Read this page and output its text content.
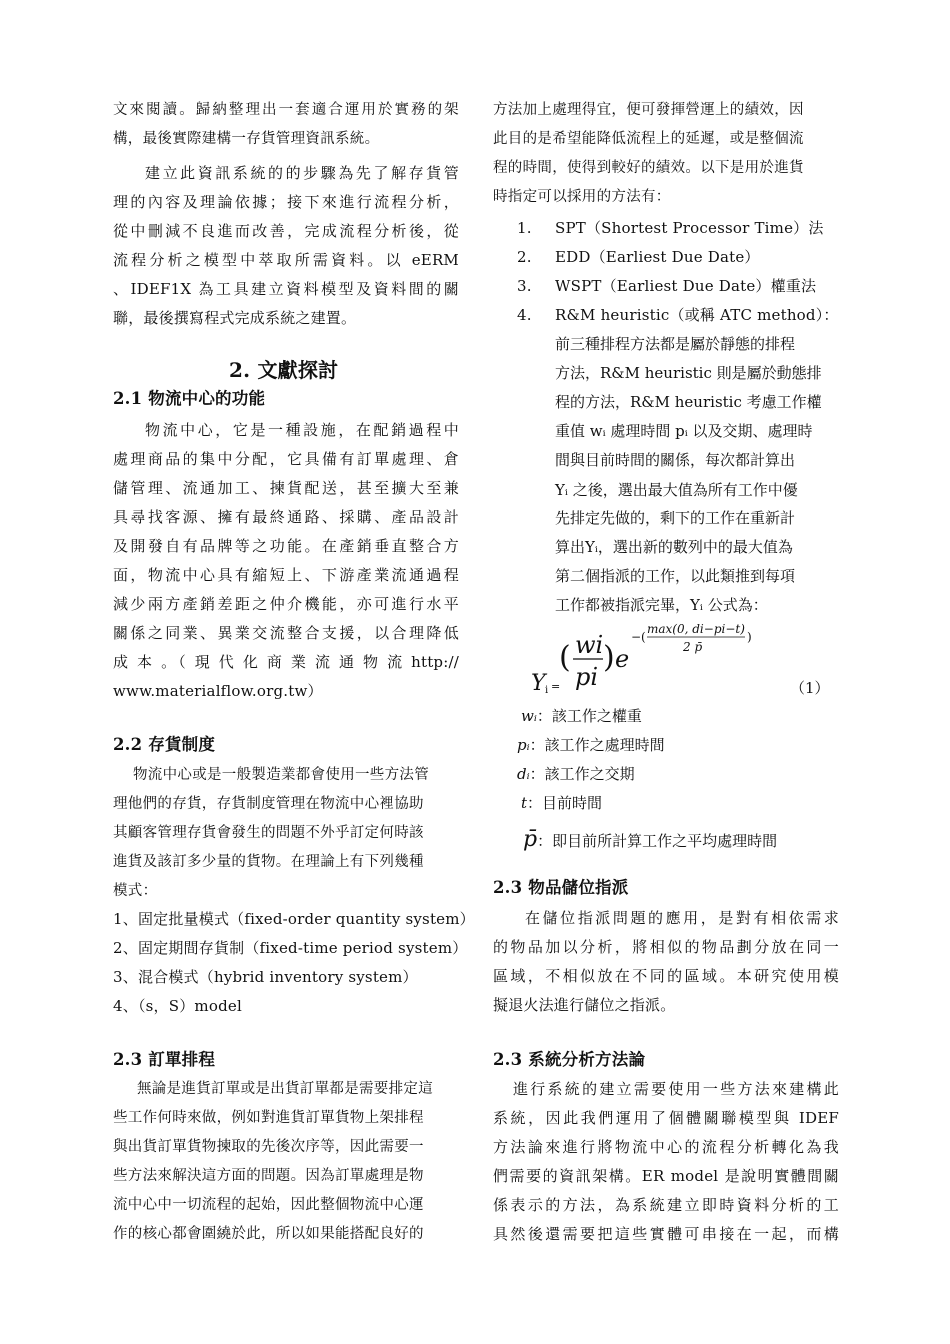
文來閱讀。歸納整理出一套適合運用於實務的架
構，最後實際建構一存貨管理資訊系統。
建立此資訊系統的的步驟為先了解存貨管
理的內容及理論依據；接下來進行流程分析，
從中刪減不良進而改善，完成流程分析後，從
流程分析之模型中萃取所需資料。以 eERM
、IDEF1X 為工具建立資料模型及資料間的關
聯，最後撰寫程式完成系統之建置。
2. 文獻探討
2.1 物流中心的功能
物流中心，它是一種設施，在配銷過程中
處理商品的集中分配，它具備有訂單處理、倉
儲管理、流通加工、揀貨配送，甚至擴大至兼
具尋找客源、擁有最終通路、採購、產品設計
及開發自有品牌等之功能。在產銷垂直整合方
面，物流中心具有縮短上、下游產業流通過程
減少兩方產銷差距之仲介機能，亦可進行水平
關係之同業、異業交流整合支援，以合理降低
成 本 。（ 現 代 化 商 業 流 通 物 流 http://
www.materialflow.org.tw）
2.2 存貨制度
物流中心或是一般製造業都會使用一些方法管
理他們的存貨，存貨制度管理在物流中心裡協助
其顧客管理存貨會發生的問題不外乎訂定何時該
進貨及該訂多少量的貨物。在理論上有下列幾種
模式：
1、固定批量模式（fixed-order quantity system）
2、固定期間存貨制（fixed-time period system）
3、混合模式（hybrid inventory system）
4、（s，S）model
2.3 訂單排程
無論是進貨訂單或是出貨訂單都是需要排定這
些工作何時來做，例如對進貨訂單貨物上架排程
與出貨訂單貨物揀取的先後次序等，因此需要一
些方法來解決這方面的問題。因為訂單處理是物
流中心中一切流程的起始，因此整個物流中心運
作的核心都會圍繞於此，所以如果能搭配良好的
方法加上處理得宜，便可發揮營運上的績效，因
此目的是希望能降低流程上的延遲，或是整個流
程的時間，使得到較好的績效。以下是用於進貨
時指定可以採用的方法有：
1. SPT（Shortest Processor Time）法
2. EDD（Earliest Due Date）
3. WSPT（Earliest Due Date）權重法
4. R&M heuristic（或稱 ATC method）：
前三種排程方法都是屬於靜態的排程
方法，R&M heuristic 則是屬於動態排
程的方法，R&M heuristic 考慮工作權
重值 wᵢ 處理時間 pᵢ 以及交期、處理時
間與目前時間的關係，每次都計算出
Yᵢ 之後，選出最大值為所有工作中優
先排定先做的，剩下的工作在重新計
算出Yᵢ，選出新的數列中的最大值為
第二個指派的工作，以此類推到每項
工作都被指派完畢，Yᵢ 公式為：
Y i =
( wi
pi
) e
−(
max(0, di−pi−t)
2 p̄
)
（1）
wᵢ：該工作之權重
pᵢ：該工作之處理時間
dᵢ：該工作之交期
t：目前時間
p̄：即目前所計算工作之平均處理時間
2.3 物品儲位指派
在儲位指派問題的應用，是對有相依需求
的物品加以分析，將相似的物品劃分放在同一
區域，不相似放在不同的區域。本研究使用模
擬退火法進行儲位之指派。
2.3 系統分析方法論
進行系統的建立需要使用一些方法來建構此
系統，因此我們運用了個體關聯模型與 IDEF
方法論來進行將物流中心的流程分析轉化為我
們需要的資訊架構。ER model 是說明實體間關
係表示的方法，為系統建立即時資料分析的工
具然後還需要把這些實體可串接在一起，而構
